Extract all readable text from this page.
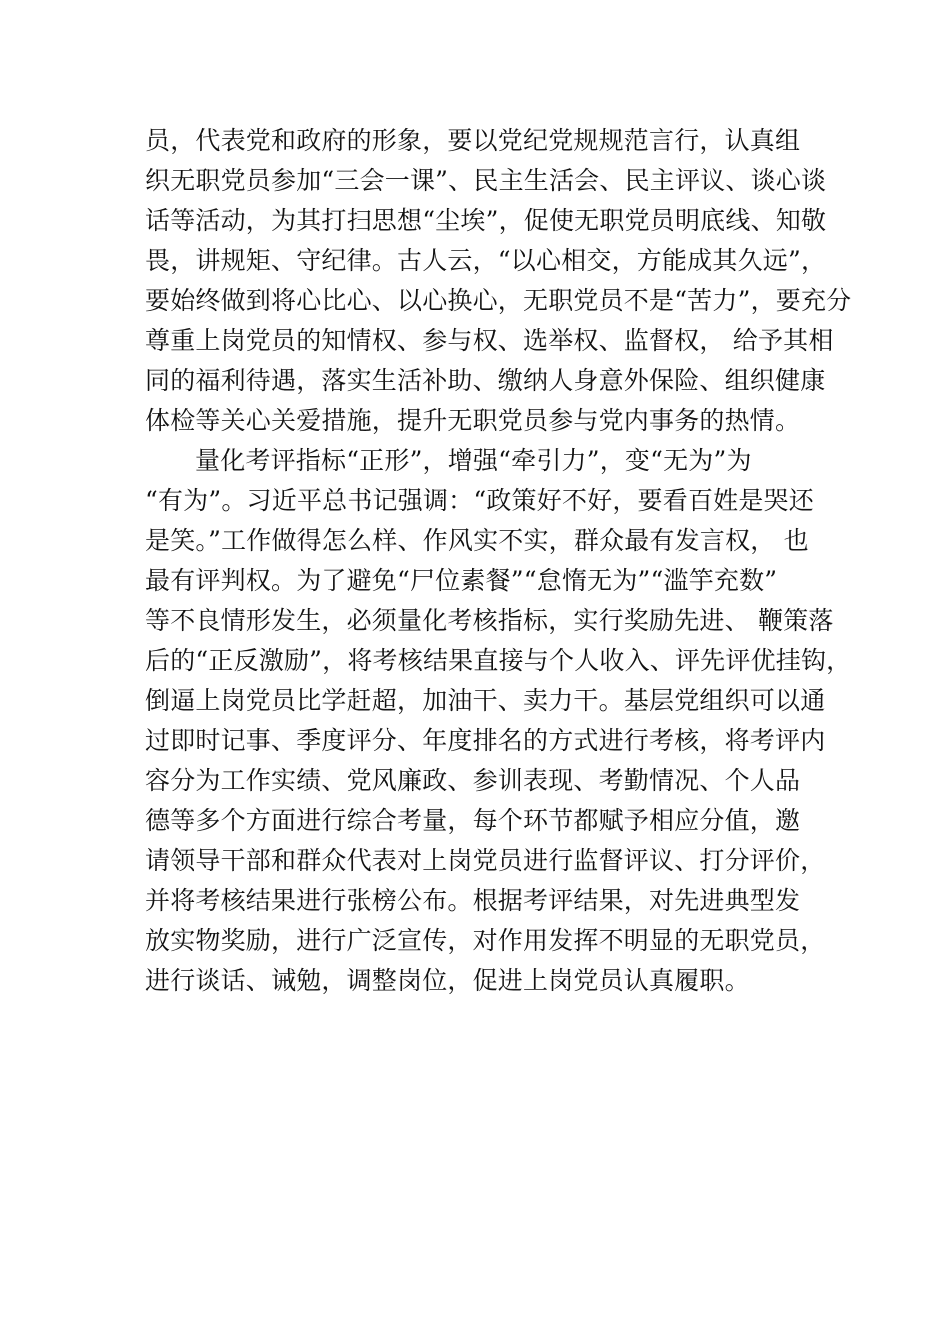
员，代表党和政府的形象，要以党纪党规规范言行，认真组
织无职党员参加“三会一课”、民主生活会、民主评议、谈心谈
话等活动，为其打扫思想“尘埃”，促使无职党员明底线、知敬
畏，讲规矩、守纪律。古人云，“以心相交，方能成其久远”，
要始终做到将心比心、以心换心，无职党员不是“苦力”，要充分
尊重上岗党员的知情权、参与权、选举权、监督权， 给予其相
同的福利待遇，落实生活补助、缴纳人身意外保险、组织健康
体检等关心关爱措施，提升无职党员参与党内事务的热情。
量化考评指标“正形”，增强“牵引力”，变“无为”为
“有为”。习近平总书记强调：“政策好不好，要看百姓是哭还
是笑。”工作做得怎么样、作风实不实，群众最有发言权， 也
最有评判权。为了避免“尸位素餐”“怠惰无为”“滥竽充数”
等不良情形发生，必须量化考核指标，实行奖励先进、 鞭策落
后的“正反激励”，将考核结果直接与个人收入、评先评优挂钩，
倒逼上岗党员比学赶超，加油干、卖力干。基层党组织可以通
过即时记事、季度评分、年度排名的方式进行考核，将考评内
容分为工作实绩、党风廉政、参训表现、考勤情况、个人品
德等多个方面进行综合考量，每个环节都赋予相应分值，邀
请领导干部和群众代表对上岗党员进行监督评议、打分评价，
并将考核结果进行张榜公布。根据考评结果，对先进典型发
放实物奖励，进行广泛宣传，对作用发挥不明显的无职党员，
进行谈话、诫勉，调整岗位，促进上岗党员认真履职。
